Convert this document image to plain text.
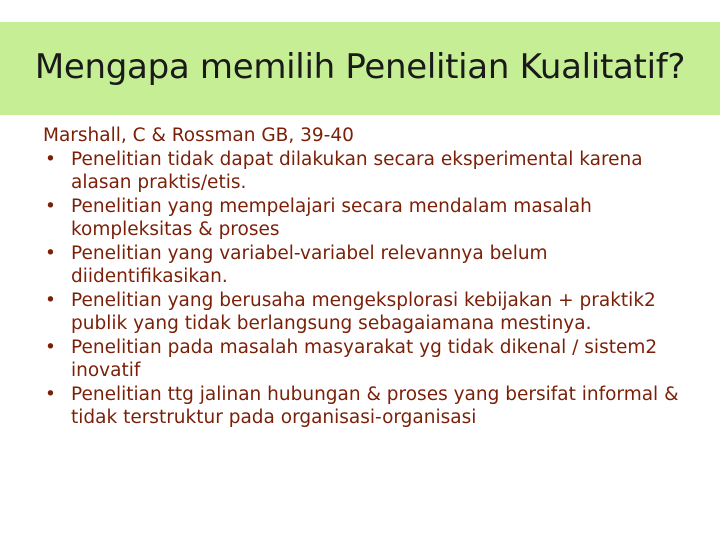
Mengapa memilih Penelitian Kualitatif?

Marshall, C & Rossman GB, 39-40

• Penelitian tidak dapat dilakukan secara eksperimental karena alasan praktis/etis.
• Penelitian yang mempelajari secara mendalam masalah kompleksitas & proses
• Penelitian yang variabel-variabel relevannya belum diidentifikasikan.
• Penelitian yang berusaha mengeksplorasi kebijakan + praktik2 publik yang tidak berlangsung sebagaiamana mestinya.
• Penelitian pada masalah masyarakat yg tidak dikenal / sistem2 inovatif
• Penelitian ttg jalinan hubungan & proses yang bersifat informal & tidak terstruktur pada organisasi-organisasi
